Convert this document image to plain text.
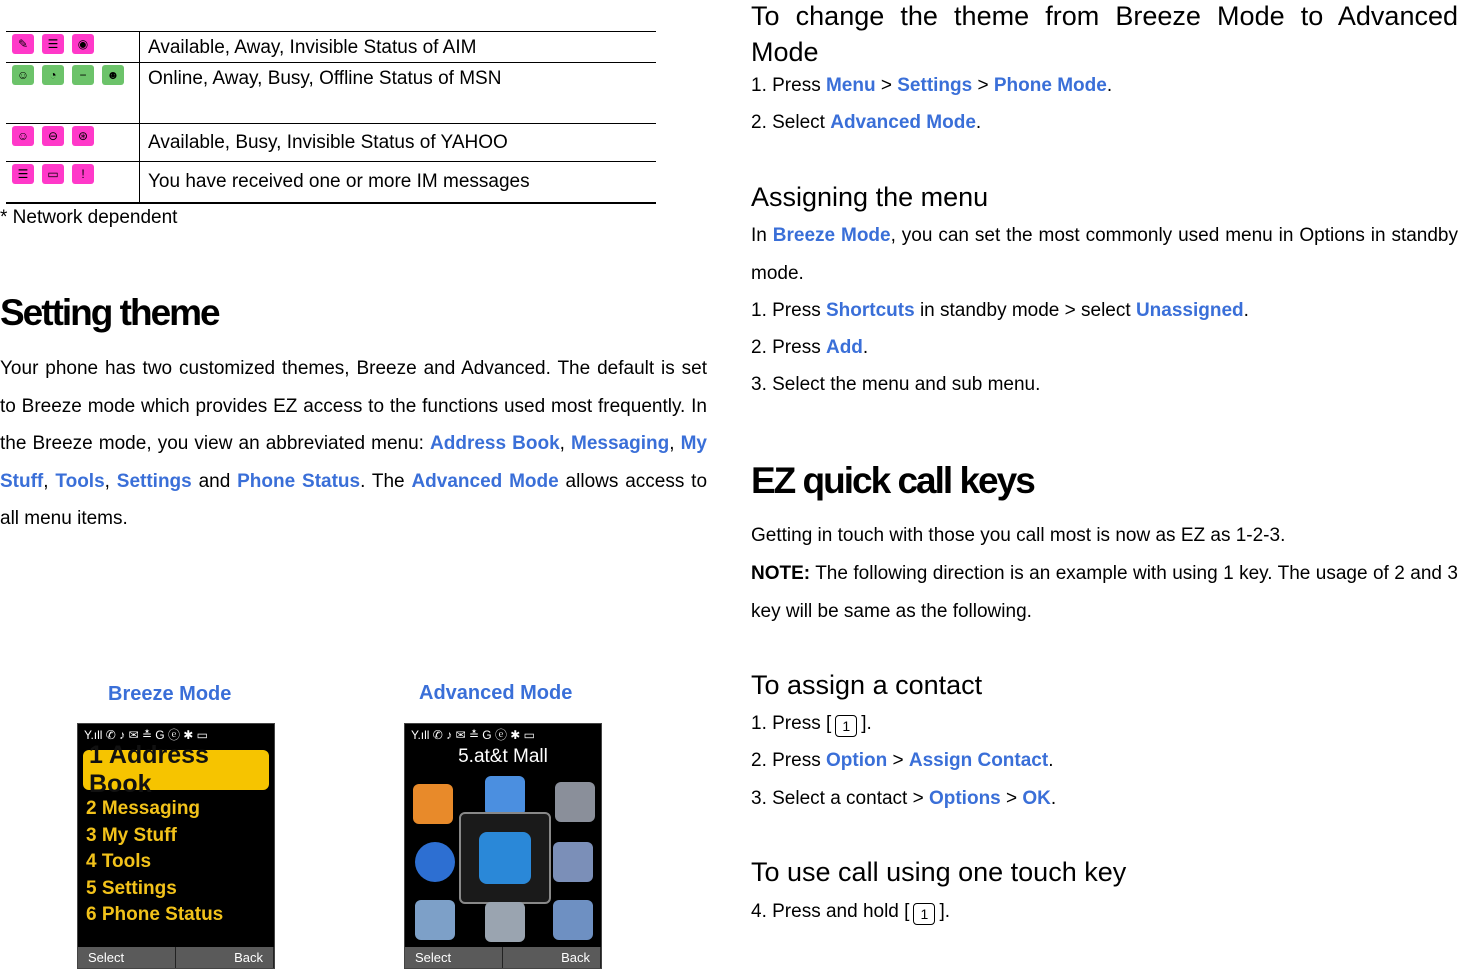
✎	☰	◉	Available, Away, Invisible Status of AIM
☺	◔	−	☻	Online, Away, Busy, Offline Status of MSN
☺	⊖	⊛	Available, Busy, Invisible Status of YAHOO
☰	▭	!	You have received one or more IM messages
* Network dependent
Setting theme
Your phone has two customized themes, Breeze and Advanced. The default is set to Breeze mode which provides EZ access to the functions used most frequently. In the Breeze mode, you view an abbreviated menu: Address Book, Messaging, My Stuff, Tools, Settings and Phone Status. The Advanced Mode allows access to all menu items.
Breeze Mode
Y.ıll ✆ ♪ ✉ ≛ G ⓔ ✱ ▭
1 Address Book
2 Messaging
3 My Stuff
4 Tools
5 Settings
6 Phone Status
Select	Back
Advanced Mode
Y.ıll ✆ ♪ ✉ ≛ G ⓔ ✱ ▭
5.at&t Mall
Select	Back
To change the theme from Breeze Mode to Advanced Mode
1. Press Menu > Settings > Phone Mode.
2. Select Advanced Mode.
Assigning the menu
In Breeze Mode, you can set the most commonly used menu in Options in standby mode.
1. Press Shortcuts in standby mode > select Unassigned.
2. Press Add.
3. Select the menu and sub menu.
EZ quick call keys
Getting in touch with those you call most is now as EZ as 1-2-3.
NOTE: The following direction is an example with using 1 key. The usage of 2 and 3 key will be same as the following.
To assign a contact
1. Press [ 1 ].
2. Press Option > Assign Contact.
3. Select a contact > Options > OK.
To use call using one touch key
4. Press and hold [ 1 ].
